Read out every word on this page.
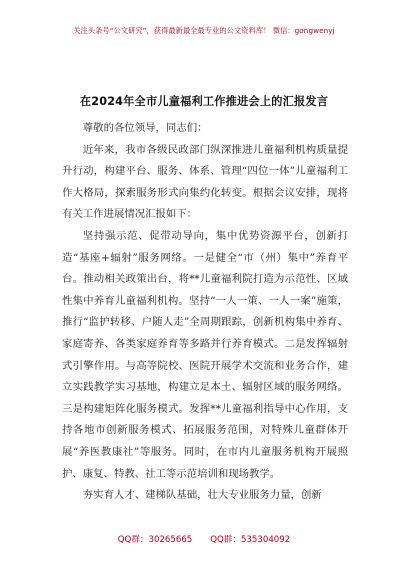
关注头条号“公文研究”，获得最新最全最专业的公文资料库！ 微信：gongwenyj
在2024年全市儿童福利工作推进会上的汇报发言

尊敬的各位领导，同志们：

近年来，我市各级民政部门纵深推进儿童福利机构质量提升行动，构建平台、服务、体系、管理“四位一体”儿童福利工作大格局，探索服务形式向集约化转变。根据会议安排，现将有关工作进展情况汇报如下：

坚持强示范、促带动导向，集中优势资源平台，创新打造“基座+辐射”服务网络。一是健全“市（州）集中”养育平台。推动相关政策出台，将**儿童福利院打造为示范性、区域性集中养育儿童福利机构。坚持“一人一策、一人一案”施策，推行“监护转移、户随人走”全周期跟踪，创新机构集中养育、家庭寄养、各类家庭养育等多路并行养育模式。二是发挥辐射式引擎作用。与高等院校、医院开展学术交流和业务合作，建立实践教学实习基地，构建立足本土、辐射区域的服务网络。三是构建矩阵化服务模式。发挥**儿童福利指导中心作用，支持各地市创新服务模式、拓展服务范围，对特殊儿童群体开展“养医教康社”等服务。同时，在市内儿童服务机构开展照护、康复、特教、社工等示范培训和现场教学。

夯实育人才、建梯队基础，壮大专业服务力量，创新

QQ群：30265665 QQ群：535304092
